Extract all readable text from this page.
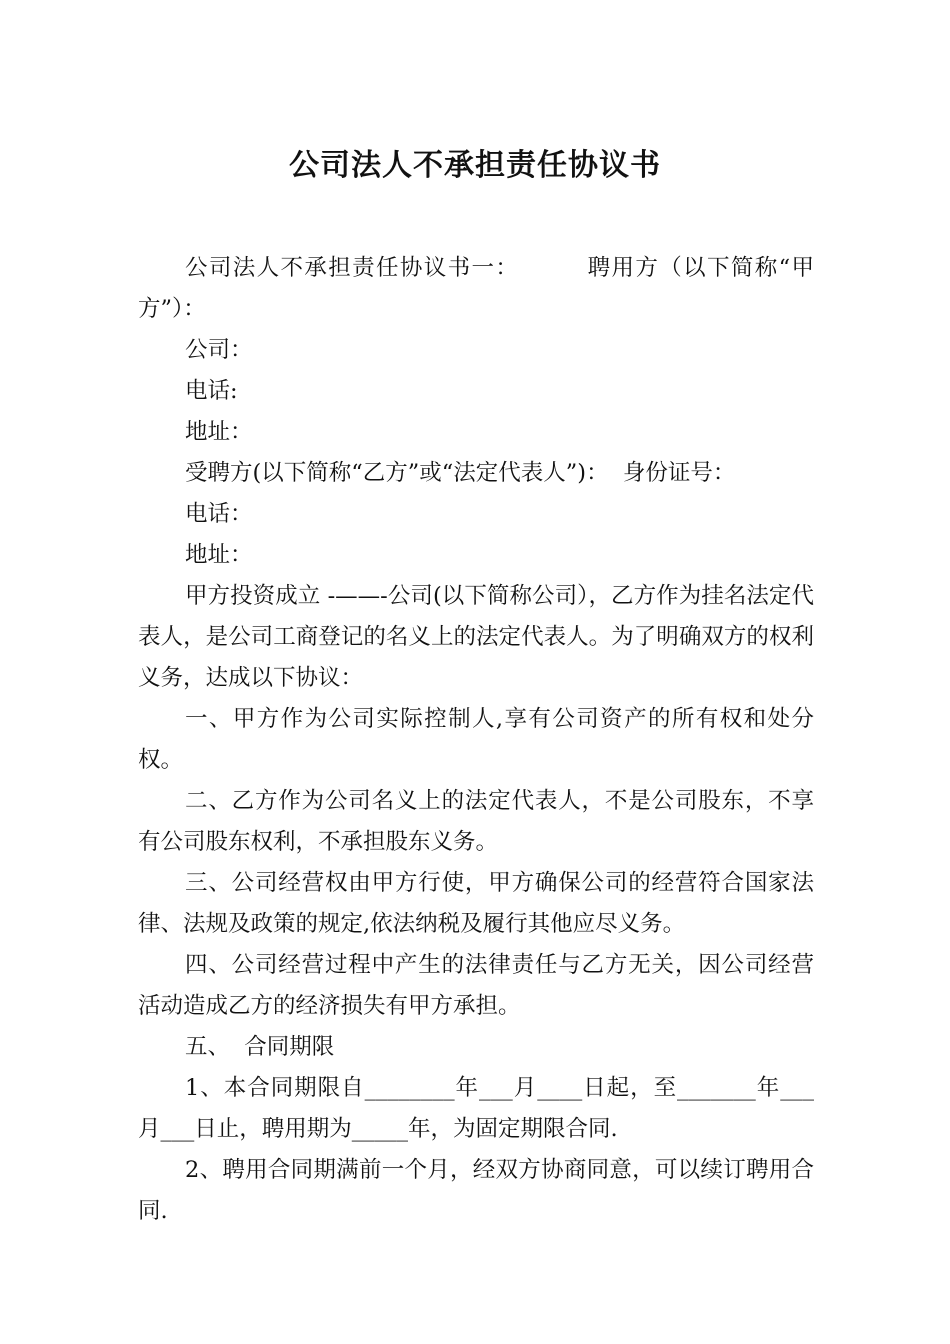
公司法人不承担责任协议书

公司法人不承担责任协议书一：        聘用方（以下简称“甲方”）：

公司：

电话:

地址：

受聘方(以下简称“乙方”或“法定代表人”)：  身份证号：

电话：

地址：

甲方投资成立 -——-公司(以下简称公司），乙方作为挂名法定代表人，是公司工商登记的名义上的法定代表人。为了明确双方的权利义务，达成以下协议：

一、甲方作为公司实际控制人,享有公司资产的所有权和处分权。

二、乙方作为公司名义上的法定代表人，不是公司股东，不享有公司股东权利，不承担股东义务。

三、公司经营权由甲方行使，甲方确保公司的经营符合国家法律、法规及政策的规定,依法纳税及履行其他应尽义务。

四、公司经营过程中产生的法律责任与乙方无关，因公司经营活动造成乙方的经济损失有甲方承担。

五、  合同期限

1、本合同期限自________年___月____日起，至_______年___月___日止，聘用期为_____年，为固定期限合同.

2、聘用合同期满前一个月，经双方协商同意，可以续订聘用合同.
